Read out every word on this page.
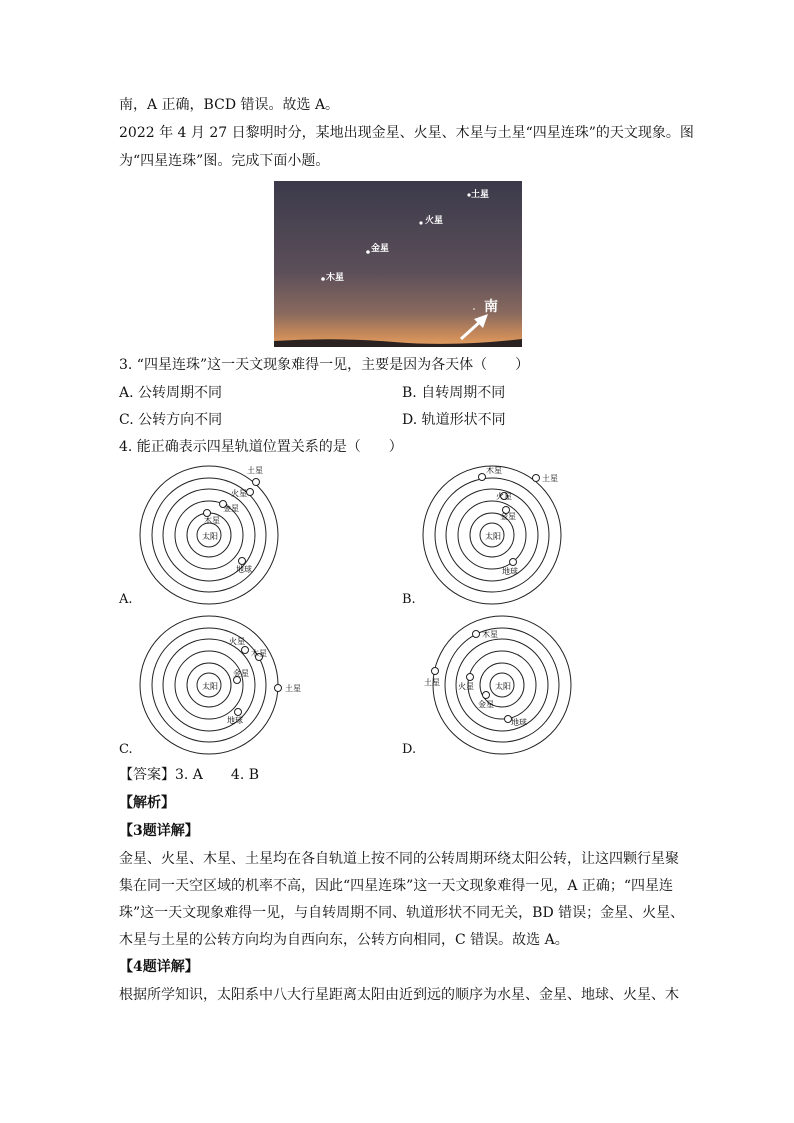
南，A 正确，BCD 错误。故选 A。
2022 年 4 月 27 日黎明时分，某地出现金星、火星、木星与土星“四星连珠”的天文现象。图
为“四星连珠”图。完成下面小题。
土星
火星
金星
木星
南
3. “四星连珠”这一天文现象难得一见，主要是因为各天体（　　）
A. 公转周期不同	B. 自转周期不同
C. 公转方向不同	D. 轨道形状不同
4. 能正确表示四星轨道位置关系的是（　　）
太阳
土星
火星
金星
木星
地球
A.
太阳
木星
土星
火星
金星
地球
B.
太阳
火星
木星
土星
金星
地球
C.
太阳
木星
土星 火星
金星
地球
D.
【答案】3. A　　4. B
【解析】
【3题详解】
金星、火星、木星、土星均在各自轨道上按不同的公转周期环绕太阳公转，让这四颗行星聚
集在同一天空区域的机率不高，因此“四星连珠”这一天文现象难得一见，A 正确；“四星连
珠”这一天文现象难得一见，与自转周期不同、轨道形状不同无关，BD 错误；金星、火星、
木星与土星的公转方向均为自西向东，公转方向相同，C 错误。故选 A。
【4题详解】
根据所学知识，太阳系中八大行星距离太阳由近到远的顺序为水星、金星、地球、火星、木
